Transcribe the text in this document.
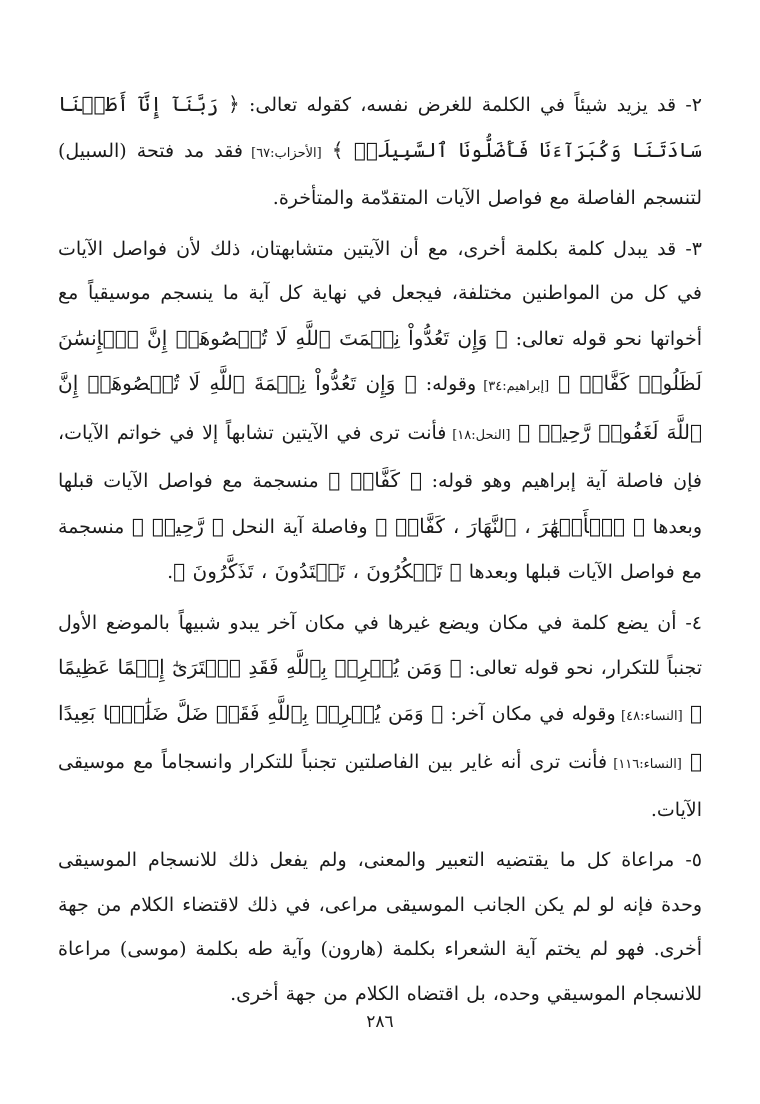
٢- قد يزيد شيئاً في الكلمة للغرض نفسه، كقوله تعالى: ﴿ رَبَّنَآ إِنَّآ أَطَعۡنَا سَادَتَنَا وَكُبَرَآءَنَا فَأَضَلُّونَا ٱلسَّبِيلَا۠ ﴾ [الأحزاب:٦٧] فقد مد فتحة (السبيل) لتنسجم الفاصلة مع فواصل الآيات المتقدّمة والمتأخرة.

٣- قد يبدل كلمة بكلمة أخرى، مع أن الآيتين متشابهتان، ذلك لأن فواصل الآيات في كل من المواطنين مختلفة، فيجعل في نهاية كل آية ما ينسجم موسيقياً مع أخواتها نحو قوله تعالى: ﴿ وَإِن تَعُدُّواْ نِعۡمَتَ ٱللَّهِ لَا تُحۡصُوهَآۗ إِنَّ ٱلۡإِنسَٰنَ لَظَلُومٞ كَفَّارٞ ﴾ [إبراهيم:٣٤] وقوله: ﴿ وَإِن تَعُدُّواْ نِعۡمَةَ ٱللَّهِ لَا تُحۡصُوهَآۗ إِنَّ ٱللَّهَ لَغَفُورٞ رَّحِيمٞ ﴾ [النحل:١٨] فأنت ترى في الآيتين تشابهاً إلا في خواتم الآيات، فإن فاصلة آية إبراهيم وهو قوله: ﴿ كَفَّارٞ ﴾ منسجمة مع فواصل الآيات قبلها وبعدها ﴿ ٱلۡأَنۡهَٰرَ ، ٱلنَّهَارَ ، كَفَّارٞ ﴾ وفاصلة آية النحل ﴿ رَّحِيمٞ ﴾ منسجمة مع فواصل الآيات قبلها وبعدها ﴿ تَشۡكُرُونَ ، تَهۡتَدُونَ ، تَذَكَّرُونَ ﴾.

٤- أن يضع كلمة في مكان ويضع غيرها في مكان آخر يبدو شبيهاً بالموضع الأول تجنباً للتكرار، نحو قوله تعالى: ﴿ وَمَن يُشۡرِكۡ بِٱللَّهِ فَقَدِ ٱفۡتَرَىٰٓ إِثۡمًا عَظِيمًا ﴾ [النساء:٤٨] وقوله في مكان آخر: ﴿ وَمَن يُشۡرِكۡ بِٱللَّهِ فَقَدۡ ضَلَّ ضَلَٰلَۢا بَعِيدًا ﴾ [النساء:١١٦] فأنت ترى أنه غاير بين الفاصلتين تجنباً للتكرار وانسجاماً مع موسيقى الآيات.

٥- مراعاة كل ما يقتضيه التعبير والمعنى، ولم يفعل ذلك للانسجام الموسيقى وحدة فإنه لو لم يكن الجانب الموسيقى مراعى، في ذلك لاقتضاء الكلام من جهة أخرى. فهو لم يختم آية الشعراء بكلمة (هارون) وآية طه بكلمة (موسى) مراعاة للانسجام الموسيقي وحده، بل اقتضاه الكلام من جهة أخرى.

٢٨٦
